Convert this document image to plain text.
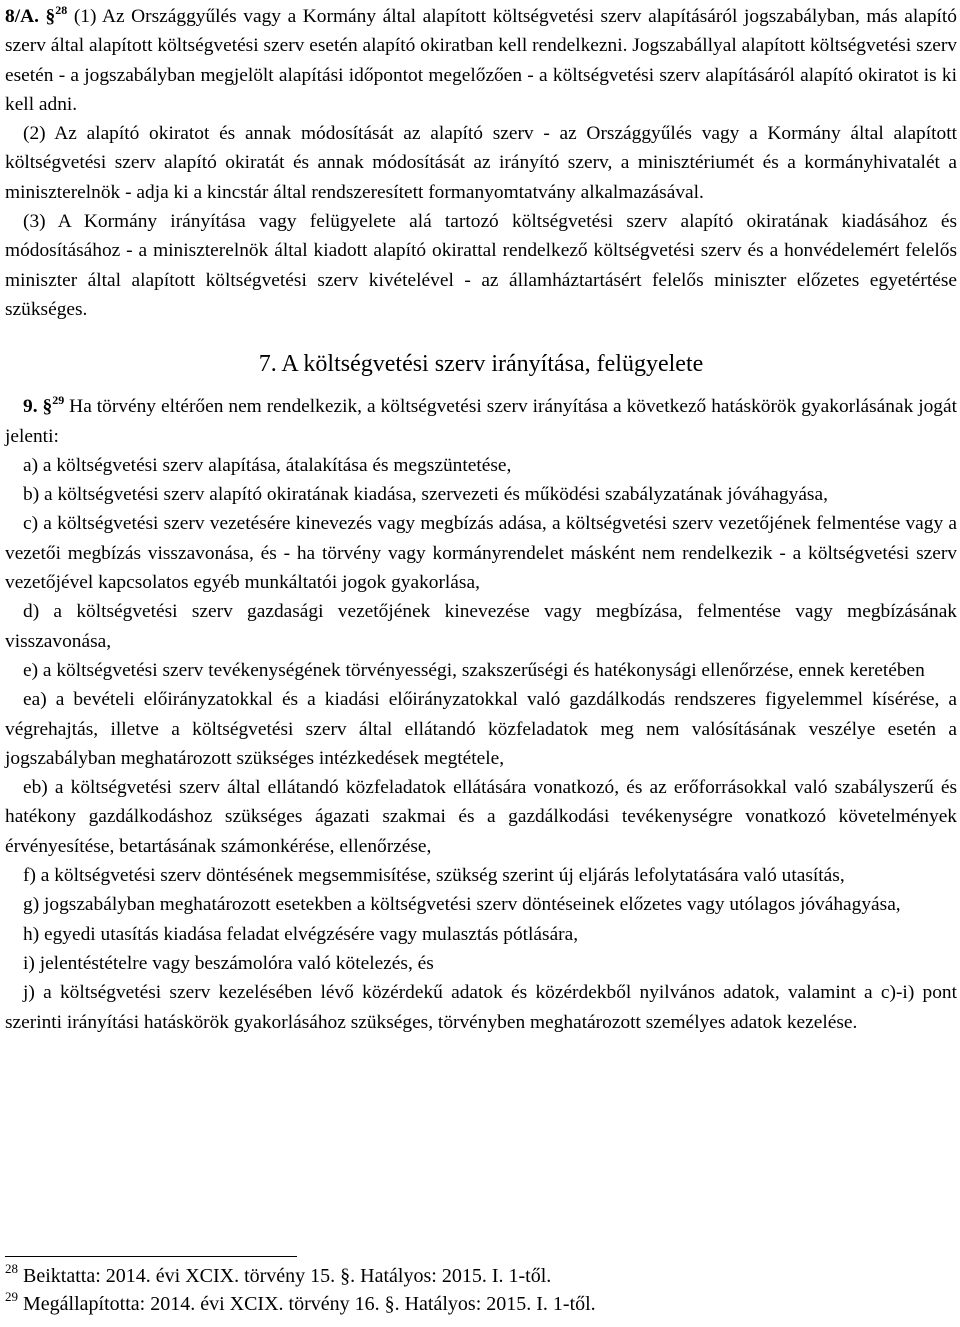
8/A. §$^{28}$ (1) Az Országgyűlés vagy a Kormány által alapított költségvetési szerv alapításáról jogszabályban, más alapító szerv által alapított költségvetési szerv esetén alapító okiratban kell rendelkezni. Jogszabállyal alapított költségvetési szerv esetén - a jogszabályban megjelölt alapítási időpontot megelőzően - a költségvetési szerv alapításáról alapító okiratot is ki kell adni.

(2) Az alapító okiratot és annak módosítását az alapító szerv - az Országgyűlés vagy a Kormány által alapított költségvetési szerv alapító okiratát és annak módosítását az irányító szerv, a minisztériumét és a kormányhivatalét a miniszterelnök - adja ki a kincstár által rendszeresített formanyomtatvány alkalmazásával.

(3) A Kormány irányítása vagy felügyelete alá tartozó költségvetési szerv alapító okiratának kiadásához és módosításához - a miniszterelnök által kiadott alapító okirattal rendelkező költségvetési szerv és a honvédelemért felelős miniszter által alapított költségvetési szerv kivételével - az államháztartásért felelős miniszter előzetes egyetértése szükséges.

7. A költségvetési szerv irányítása, felügyelete

9. §$^{29}$ Ha törvény eltérően nem rendelkezik, a költségvetési szerv irányítása a következő hatáskörök gyakorlásának jogát jelenti:

a) a költségvetési szerv alapítása, átalakítása és megszüntetése,

b) a költségvetési szerv alapító okiratának kiadása, szervezeti és működési szabályzatának jóváhagyása,

c) a költségvetési szerv vezetésére kinevezés vagy megbízás adása, a költségvetési szerv vezetőjének felmentése vagy a vezetői megbízás visszavonása, és - ha törvény vagy kormányrendelet másként nem rendelkezik - a költségvetési szerv vezetőjével kapcsolatos egyéb munkáltatói jogok gyakorlása,

d) a költségvetési szerv gazdasági vezetőjének kinevezése vagy megbízása, felmentése vagy megbízásának visszavonása,

e) a költségvetési szerv tevékenységének törvényességi, szakszerűségi és hatékonysági ellenőrzése, ennek keretében

ea) a bevételi előirányzatokkal és a kiadási előirányzatokkal való gazdálkodás rendszeres figyelemmel kísérése, a végrehajtás, illetve a költségvetési szerv által ellátandó közfeladatok meg nem valósításának veszélye esetén a jogszabályban meghatározott szükséges intézkedések megtétele,

eb) a költségvetési szerv által ellátandó közfeladatok ellátására vonatkozó, és az erőforrásokkal való szabályszerű és hatékony gazdálkodáshoz szükséges ágazati szakmai és a gazdálkodási tevékenységre vonatkozó követelmények érvényesítése, betartásának számonkérése, ellenőrzése,

f) a költségvetési szerv döntésének megsemmisítése, szükség szerint új eljárás lefolytatására való utasítás,

g) jogszabályban meghatározott esetekben a költségvetési szerv döntéseinek előzetes vagy utólagos jóváhagyása,

h) egyedi utasítás kiadása feladat elvégzésére vagy mulasztás pótlására,

i) jelentéstételre vagy beszámolóra való kötelezés, és

j) a költségvetési szerv kezelésében lévő közérdekű adatok és közérdekből nyilvános adatok, valamint a c)-i) pont szerinti irányítási hatáskörök gyakorlásához szükséges, törvényben meghatározott személyes adatok kezelése.

$^{28}$ Beiktatta: 2014. évi XCIX. törvény 15. §. Hatályos: 2015. I. 1-től.

$^{29}$ Megállapította: 2014. évi XCIX. törvény 16. §. Hatályos: 2015. I. 1-től.
